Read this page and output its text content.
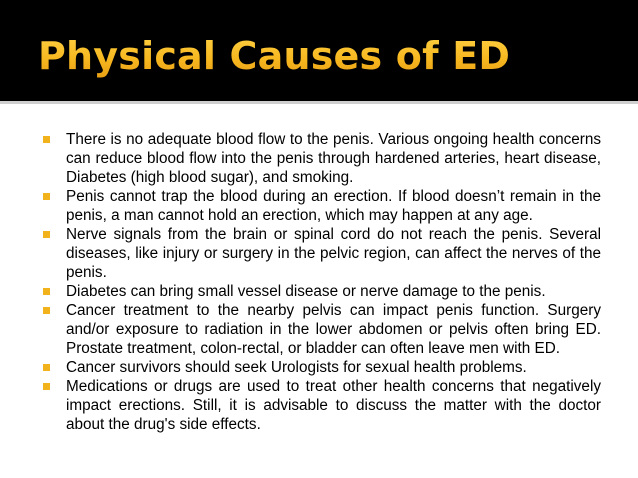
Physical Causes of ED
There is no adequate blood flow to the penis. Various ongoing health concerns can reduce blood flow into the penis through hardened arteries, heart disease, Diabetes (high blood sugar), and smoking.
Penis cannot trap the blood during an erection. If blood doesn’t remain in the penis, a man cannot hold an erection, which may happen at any age.
Nerve signals from the brain or spinal cord do not reach the penis. Several diseases, like injury or surgery in the pelvic region, can affect the nerves of the penis.
Diabetes can bring small vessel disease or nerve damage to the penis.
Cancer treatment to the nearby pelvis can impact penis function. Surgery and/or exposure to radiation in the lower abdomen or pelvis often bring ED. Prostate treatment, colon-rectal, or bladder can often leave men with ED.
Cancer survivors should seek Urologists for sexual health problems.
Medications or drugs are used to treat other health concerns that negatively impact erections. Still, it is advisable to discuss the matter with the doctor about the drug's side effects.
